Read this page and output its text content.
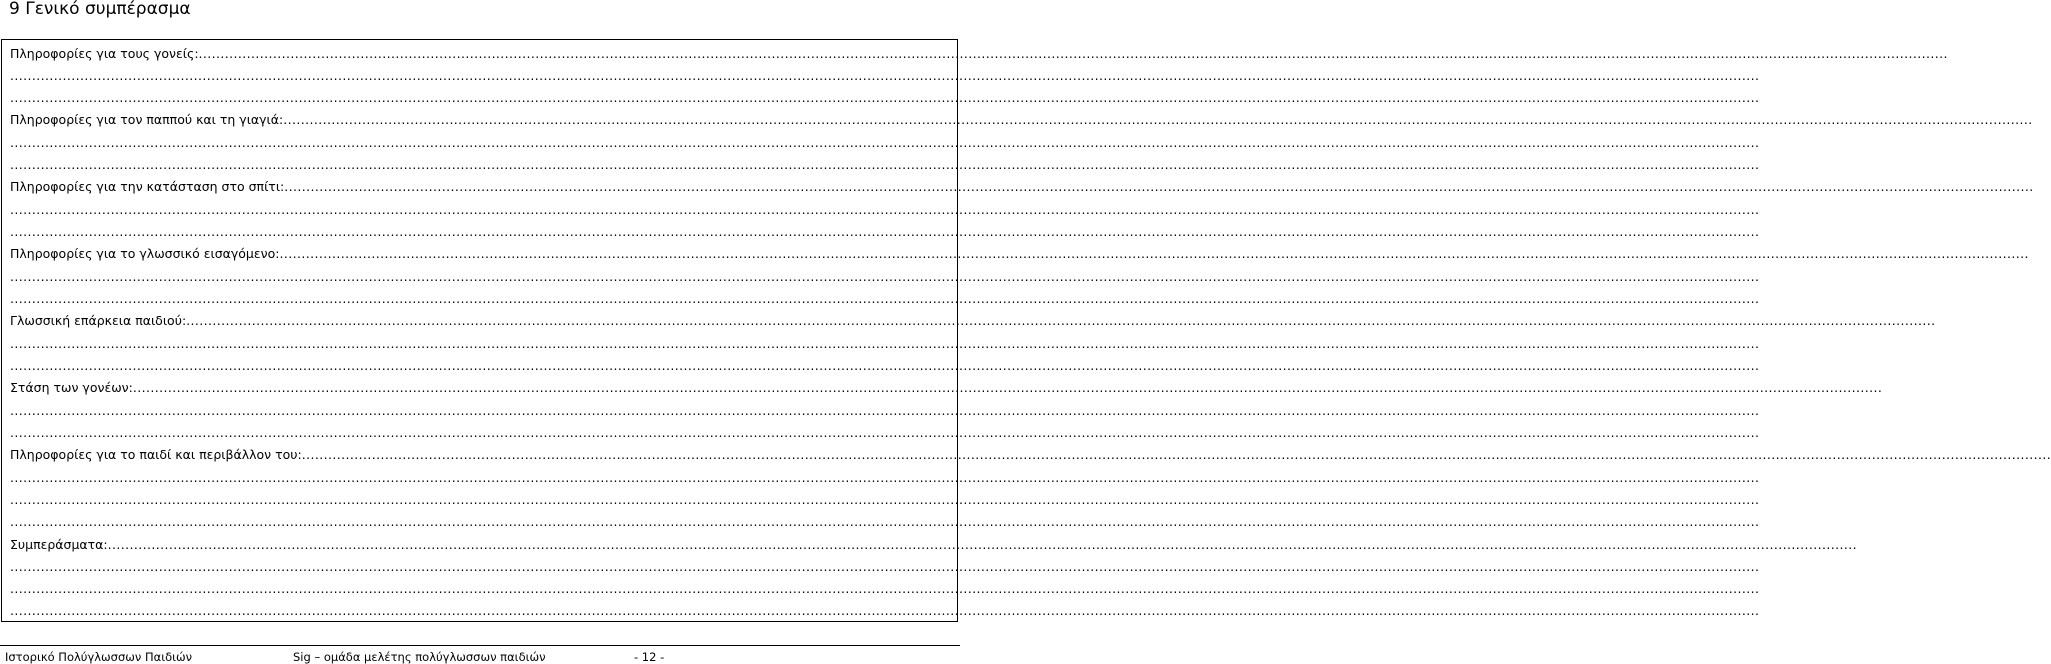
9 Γενικό συμπέρασμα
Πληροφορίες για τους γονείς:................................................................................................................................................................................................................................................................................................................................................................................................................
................................................................................................................................................................................................................................................................................................................................................................................................................
................................................................................................................................................................................................................................................................................................................................................................................................................
Πληροφορίες για τον παππού και τη γιαγιά:................................................................................................................................................................................................................................................................................................................................................................................................................
................................................................................................................................................................................................................................................................................................................................................................................................................
................................................................................................................................................................................................................................................................................................................................................................................................................
Πληροφορίες για την κατάσταση στο σπίτι:................................................................................................................................................................................................................................................................................................................................................................................................................
................................................................................................................................................................................................................................................................................................................................................................................................................
................................................................................................................................................................................................................................................................................................................................................................................................................
Πληροφορίες για το γλωσσικό εισαγόμενο:................................................................................................................................................................................................................................................................................................................................................................................................................
................................................................................................................................................................................................................................................................................................................................................................................................................
................................................................................................................................................................................................................................................................................................................................................................................................................
Γλωσσική επάρκεια παιδιού:................................................................................................................................................................................................................................................................................................................................................................................................................
................................................................................................................................................................................................................................................................................................................................................................................................................
................................................................................................................................................................................................................................................................................................................................................................................................................
Στάση των γονέων:................................................................................................................................................................................................................................................................................................................................................................................................................
................................................................................................................................................................................................................................................................................................................................................................................................................
................................................................................................................................................................................................................................................................................................................................................................................................................
Πληροφορίες για το παιδί και περιβάλλον του:................................................................................................................................................................................................................................................................................................................................................................................................................
................................................................................................................................................................................................................................................................................................................................................................................................................
................................................................................................................................................................................................................................................................................................................................................................................................................
................................................................................................................................................................................................................................................................................................................................................................................................................
Συμπεράσματα:................................................................................................................................................................................................................................................................................................................................................................................................................
................................................................................................................................................................................................................................................................................................................................................................................................................
................................................................................................................................................................................................................................................................................................................................................................................................................
................................................................................................................................................................................................................................................................................................................................................................................................................
Ιστορικό Πολύγλωσσων Παιδιών	Sig – ομάδα μελέτης πολύγλωσσων παιδιών	- 12 -
